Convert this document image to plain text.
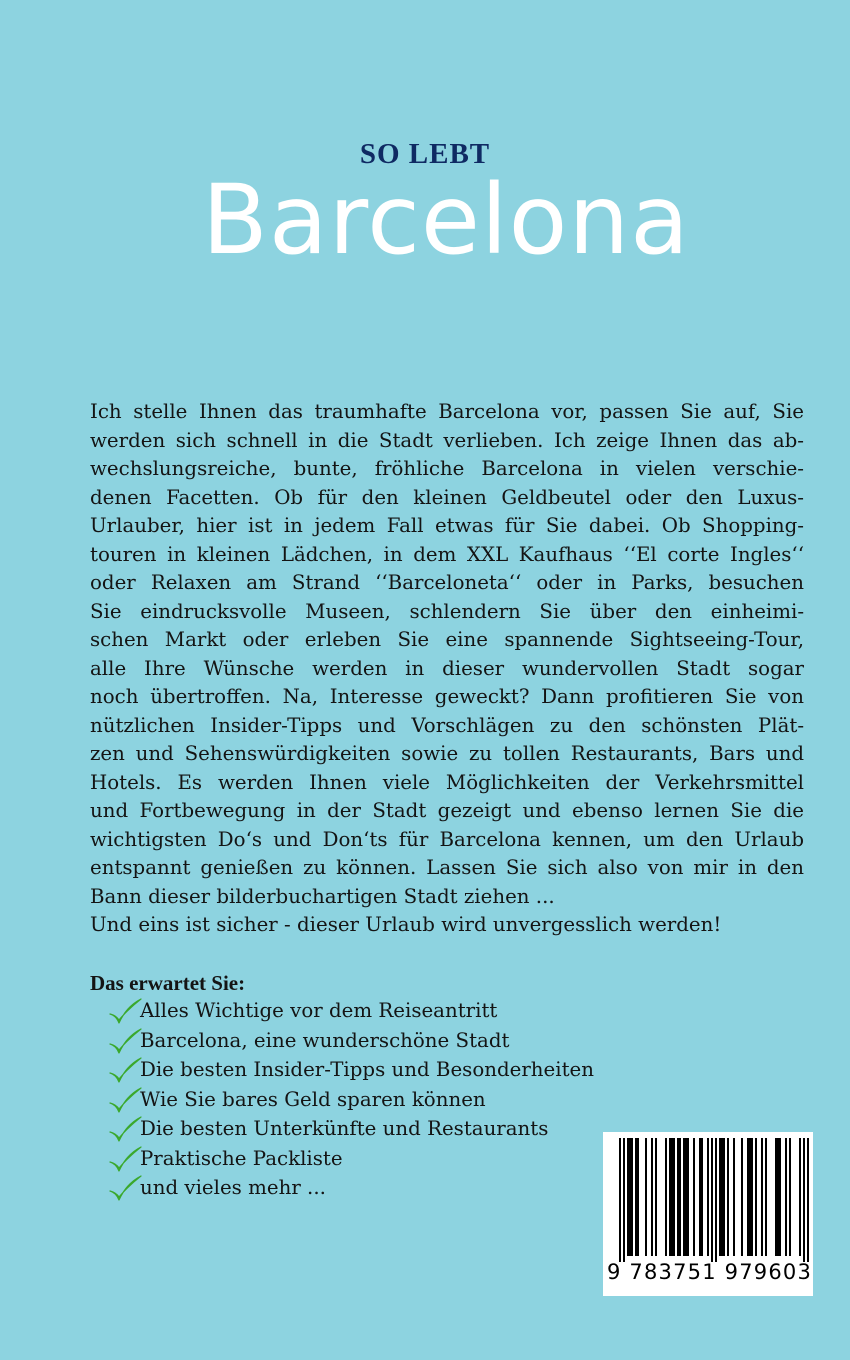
SO LEBT
Barcelona
Ich stelle Ihnen das traumhafte Barcelona vor, passen Sie auf, Sie
werden sich schnell in die Stadt verlieben. Ich zeige Ihnen das ab-
wechslungsreiche, bunte, fröhliche Barcelona in vielen verschie-
denen Facetten. Ob für den kleinen Geldbeutel oder den Luxus-
Urlauber, hier ist in jedem Fall etwas für Sie dabei. Ob Shopping-
touren in kleinen Lädchen, in dem XXL Kaufhaus ‘‘El corte Ingles‘‘
oder Relaxen am Strand ‘‘Barceloneta‘‘ oder in Parks, besuchen
Sie eindrucksvolle Museen, schlendern Sie über den einheimi-
schen Markt oder erleben Sie eine spannende Sightseeing-Tour,
alle Ihre Wünsche werden in dieser wundervollen Stadt sogar
noch übertroffen. Na, Interesse geweckt? Dann profitieren Sie von
nützlichen Insider-Tipps und Vorschlägen zu den schönsten Plät-
zen und Sehenswürdigkeiten sowie zu tollen Restaurants, Bars und
Hotels. Es werden Ihnen viele Möglichkeiten der Verkehrsmittel
und Fortbewegung in der Stadt gezeigt und ebenso lernen Sie die
wichtigsten Do‘s und Don‘ts für Barcelona kennen, um den Urlaub
entspannt genießen zu können. Lassen Sie sich also von mir in den
Bann dieser bilderbuchartigen Stadt ziehen ...
Und eins ist sicher - dieser Urlaub wird unvergesslich werden!
Das erwartet Sie:
Alles Wichtige vor dem Reiseantritt
Barcelona, eine wunderschöne Stadt
Die besten Insider-Tipps und Besonderheiten
Wie Sie bares Geld sparen können
Die besten Unterkünfte und Restaurants
Praktische Packliste
und vieles mehr ...
9 783751 979603
